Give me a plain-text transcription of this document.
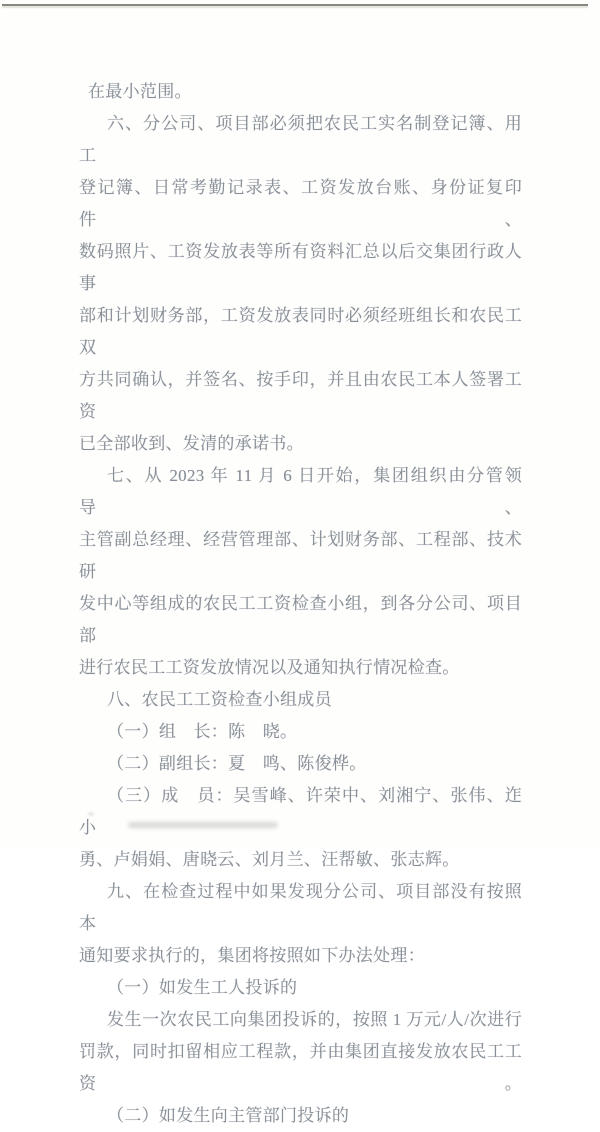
在最小范围。
六、分公司、项目部必须把农民工实名制登记簿、用工
登记簿、日常考勤记录表、工资发放台账、身份证复印件、
数码照片、工资发放表等所有资料汇总以后交集团行政人事
部和计划财务部，工资发放表同时必须经班组长和农民工双
方共同确认，并签名、按手印，并且由农民工本人签署工资
已全部收到、发清的承诺书。
七、从 2023 年 11 月 6 日开始，集团组织由分管领导、
主管副总经理、经营管理部、计划财务部、工程部、技术研
发中心等组成的农民工工资检查小组，到各分公司、项目部
进行农民工工资发放情况以及通知执行情况检查。
八、农民工工资检查小组成员
（一）组　长：陈　晓。
（二）副组长：夏　鸣、陈俊桦。
（三）成　员：吴雪峰、许荣中、刘湘宁、张伟、迮小
勇、卢娟娟、唐晓云、刘月兰、汪帮敏、张志辉。
九、在检查过程中如果发现分公司、项目部没有按照本
通知要求执行的，集团将按照如下办法处理：
（一）如发生工人投诉的
发生一次农民工向集团投诉的，按照 1 万元/人/次进行
罚款，同时扣留相应工程款，并由集团直接发放农民工工资。
（二）如发生向主管部门投诉的
